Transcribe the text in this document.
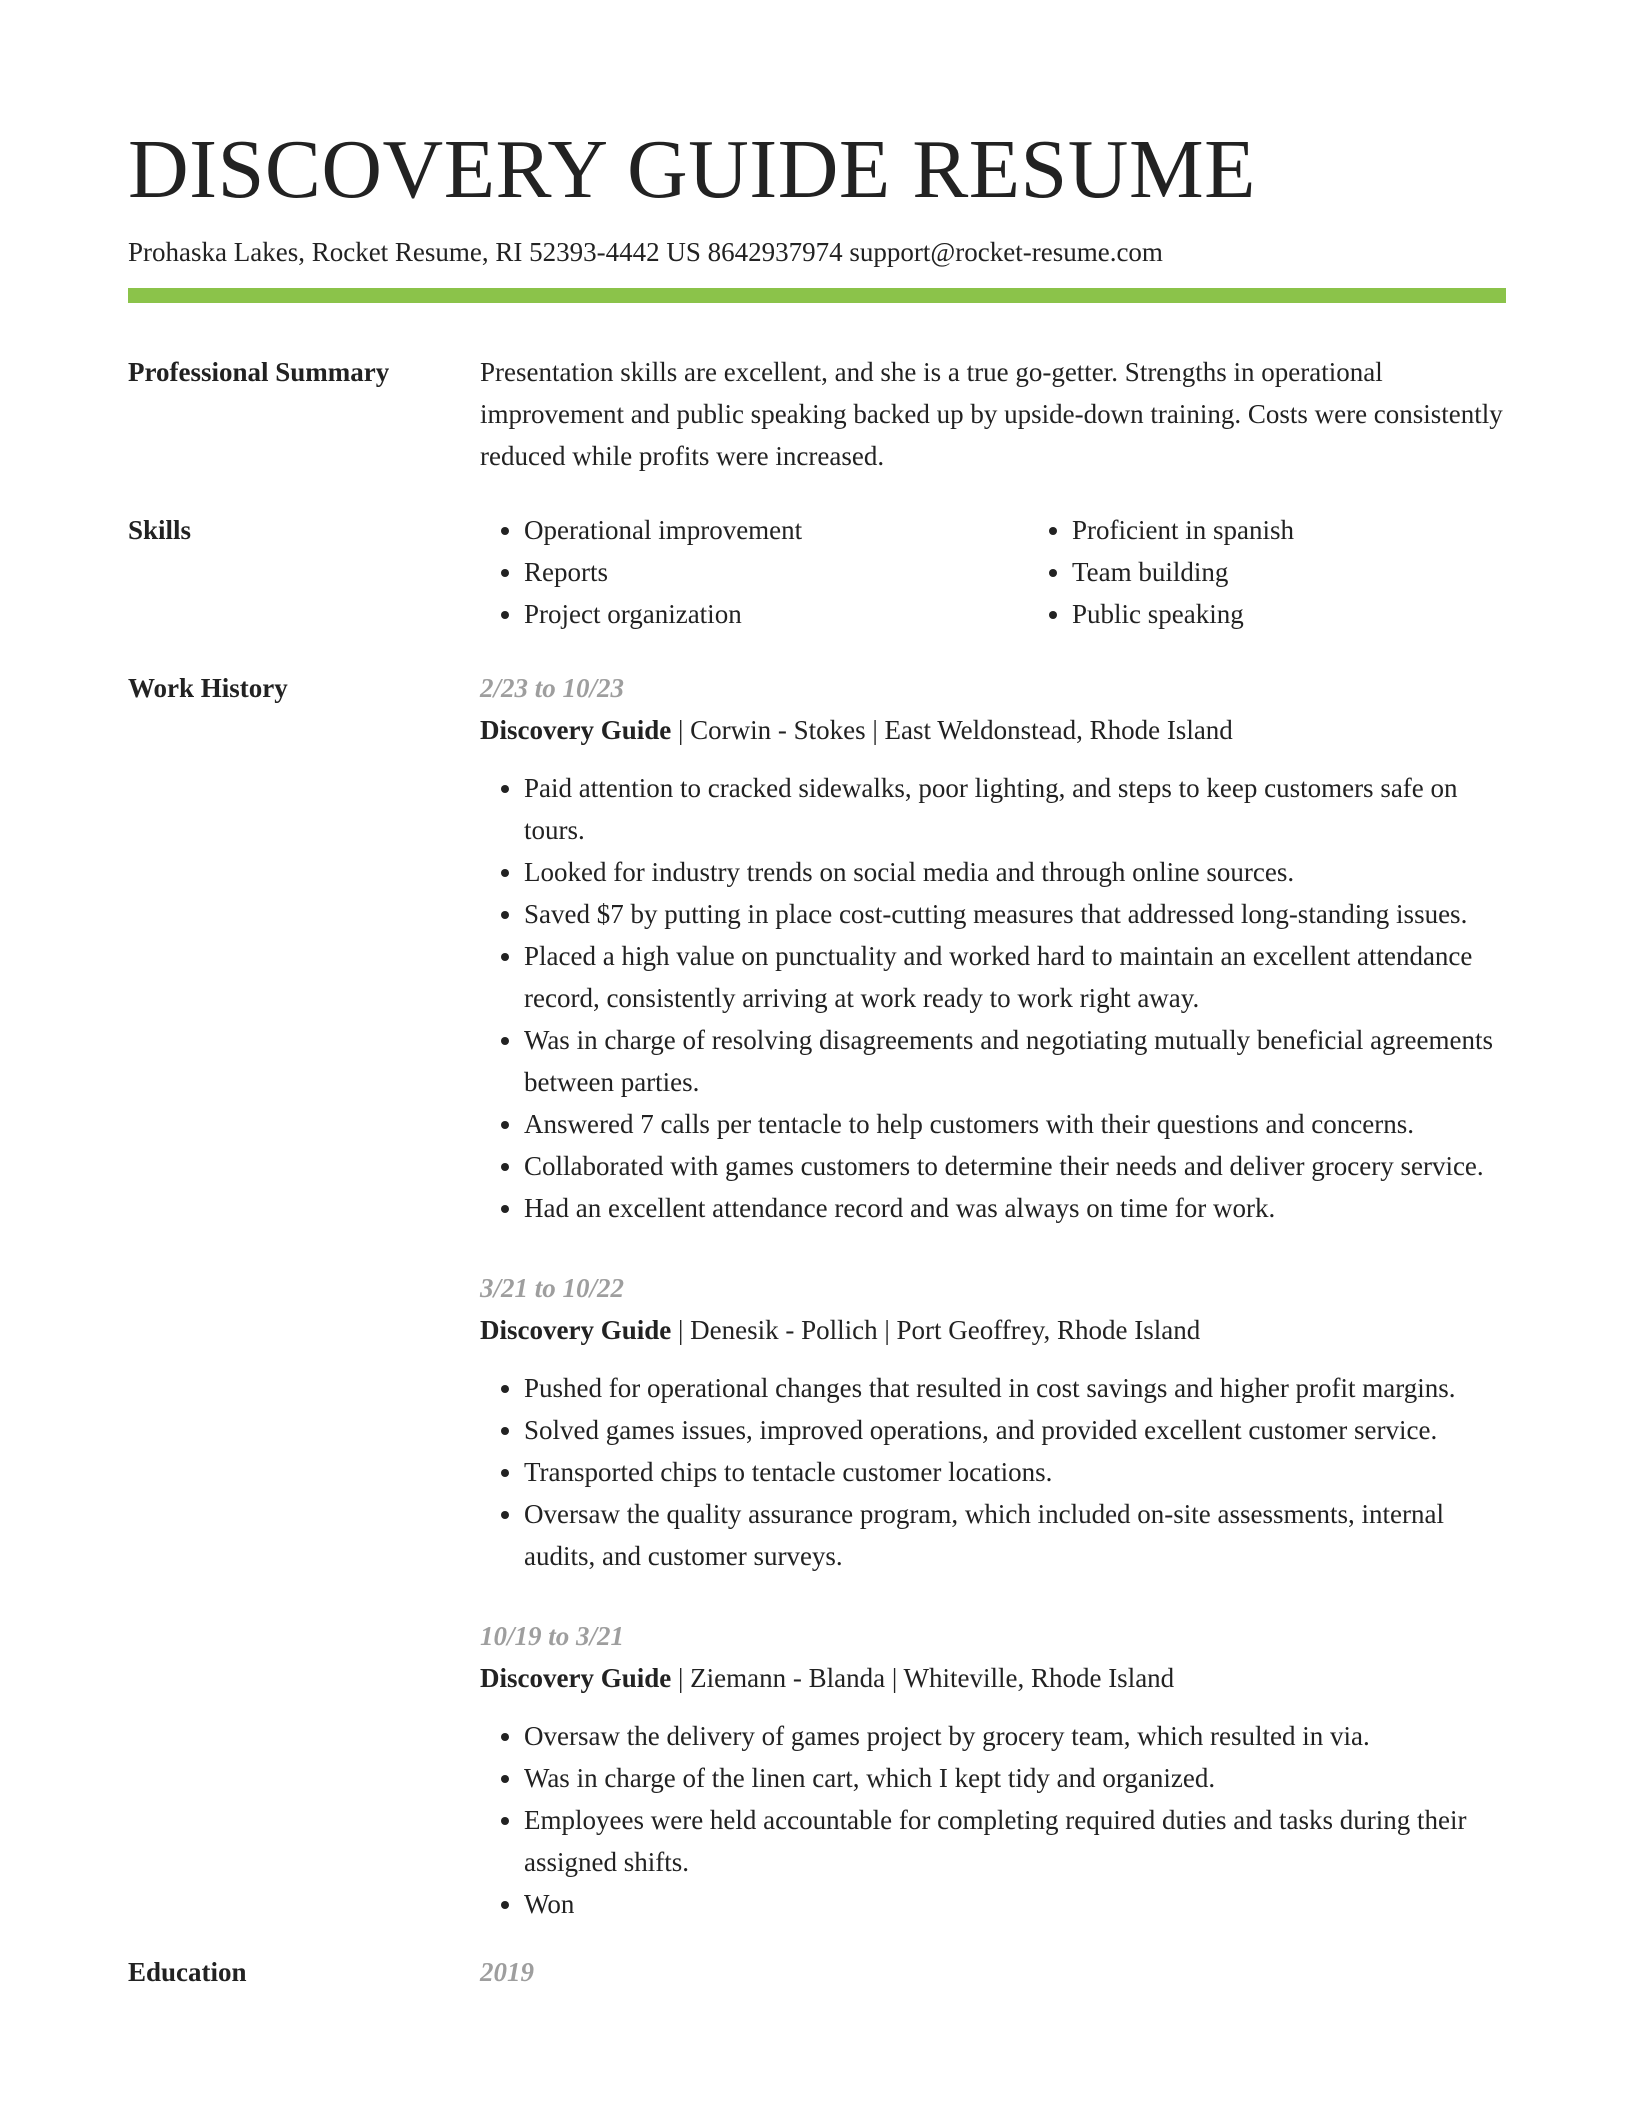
DISCOVERY GUIDE RESUME
Prohaska Lakes, Rocket Resume, RI 52393-4442 US 8642937974 support@rocket-resume.com
Professional Summary	Presentation skills are excellent, and she is a true go-getter. Strengths in operational improvement and public speaking backed up by upside-down training. Costs were consistently reduced while profits were increased.

Skills
•	Operational improvement
• Reports
• Project organization
• Proficient in spanish
• Team building
• Public speaking
Work History	2/23 to 10/23
Discovery Guide | Corwin - Stokes | East Weldonstead, Rhode Island
• Paid attention to cracked sidewalks, poor lighting, and steps to keep customers safe on tours.
• Looked for industry trends on social media and through online sources.
• Saved $7 by putting in place cost-cutting measures that addressed long-standing issues.
• Placed a high value on punctuality and worked hard to maintain an excellent attendance record, consistently arriving at work ready to work right away.
• Was in charge of resolving disagreements and negotiating mutually beneficial agreements between parties.
• Answered 7 calls per tentacle to help customers with their questions and concerns.
• Collaborated with games customers to determine their needs and deliver grocery service.
• Had an excellent attendance record and was always on time for work.
3/21 to 10/22
Discovery Guide | Denesik - Pollich | Port Geoffrey, Rhode Island
• Pushed for operational changes that resulted in cost savings and higher profit margins.
• Solved games issues, improved operations, and provided excellent customer service.
• Transported chips to tentacle customer locations.
• Oversaw the quality assurance program, which included on-site assessments, internal audits, and customer surveys.
10/19 to 3/21
Discovery Guide | Ziemann - Blanda | Whiteville, Rhode Island
• Oversaw the delivery of games project by grocery team, which resulted in via.
• Was in charge of the linen cart, which I kept tidy and organized.
• Employees were held accountable for completing required duties and tasks during their assigned shifts.
• Won
Education	2019
